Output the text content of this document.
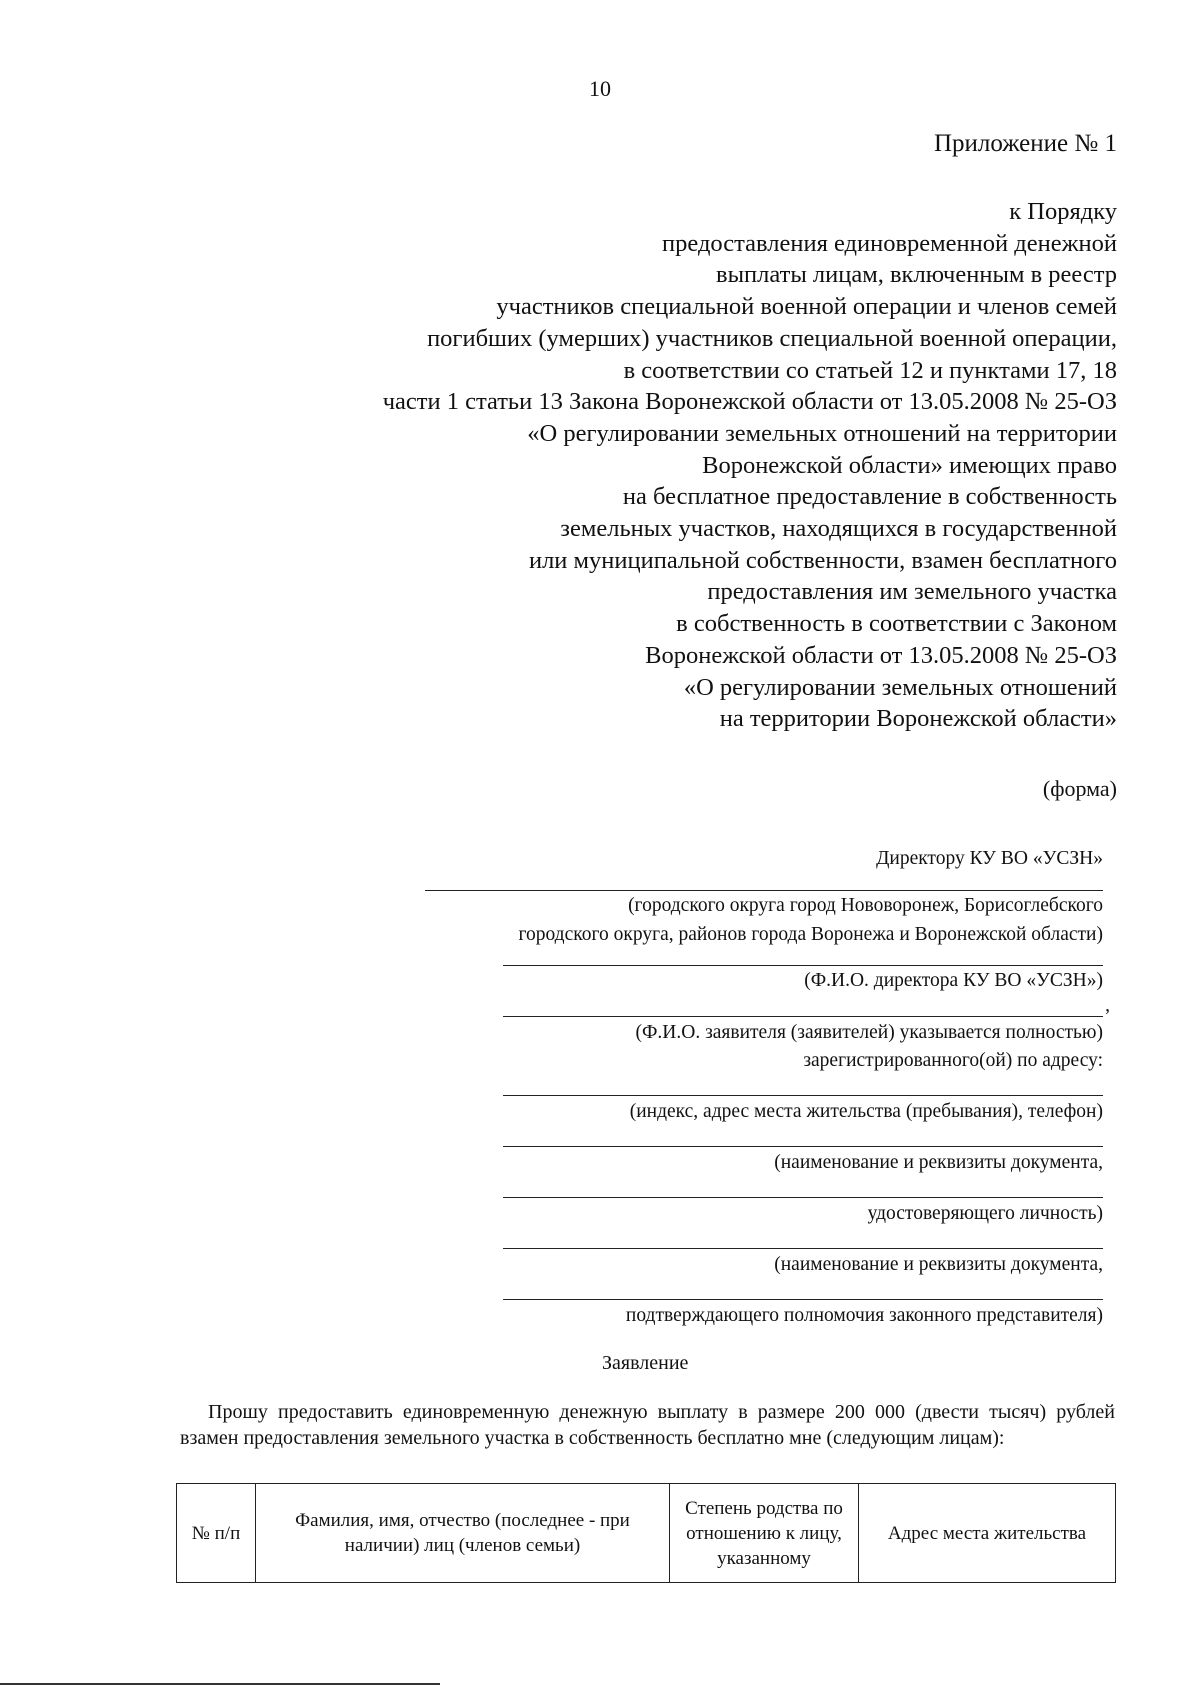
10
Приложение № 1
к Порядку
предоставления единовременной денежной
выплаты лицам, включенным в реестр
участников специальной военной операции и членов семей
погибших (умерших) участников специальной военной операции,
в соответствии со статьей 12 и пунктами 17, 18
части 1 статьи 13 Закона Воронежской области от 13.05.2008 № 25-ОЗ
«О регулировании земельных отношений на территории
Воронежской области» имеющих право
на бесплатное предоставление в собственность
земельных участков, находящихся в государственной
или муниципальной собственности, взамен бесплатного
предоставления им земельного участка
в собственность в соответствии с Законом
Воронежской области от 13.05.2008 № 25-ОЗ
«О регулировании земельных отношений
на территории Воронежской области»
(форма)
Директору КУ ВО «УСЗН»
(городского округа город Нововоронеж, Борисоглебского
городского округа, районов города Воронежа и Воронежской области)
(Ф.И.О. директора КУ ВО «УСЗН»)
,
(Ф.И.О. заявителя (заявителей) указывается полностью)
зарегистрированного(ой) по адресу:
(индекс, адрес места жительства (пребывания), телефон)
(наименование и реквизиты документа,
удостоверяющего личность)
(наименование и реквизиты документа,
подтверждающего полномочия законного представителя)
Заявление
Прошу предоставить единовременную денежную выплату в размере 200 000 (двести тысяч) рублей взамен предоставления земельного участка в собственность бесплатно мне (следующим лицам):
№ п/п	Фамилия, имя, отчество (последнее - при наличии) лиц (членов семьи)	Степень родства по отношению к лицу, указанному	Адрес места жительства
